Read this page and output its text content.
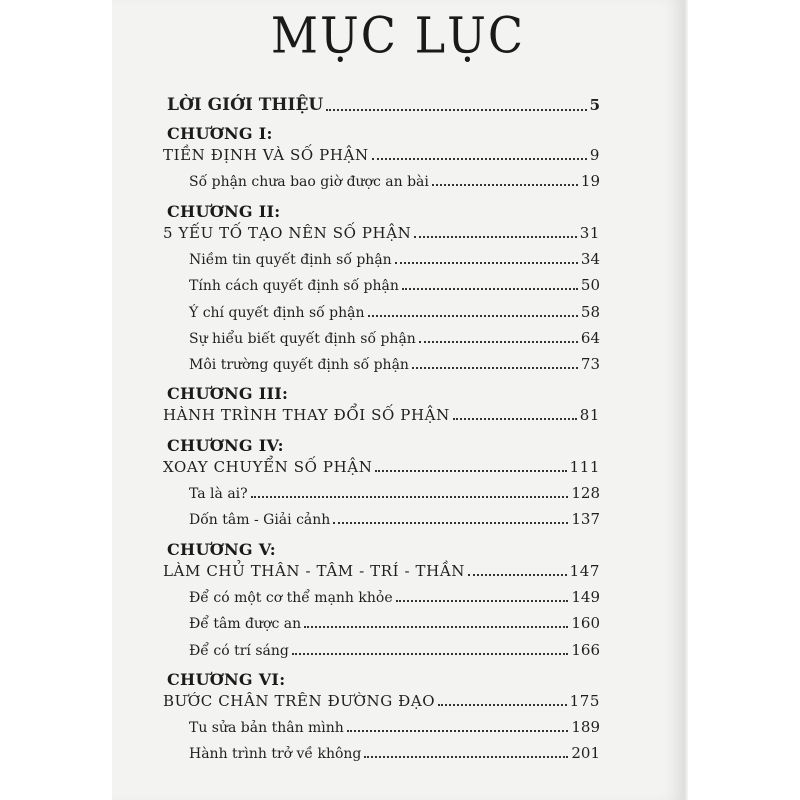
MỤC LỤC
LỜI GIỚI THIỆU	5
CHƯƠNG I:
TIỀN ĐỊNH VÀ SỐ PHẬN	9
Số phận chưa bao giờ được an bài	19
CHƯƠNG II:
5 YẾU TỐ TẠO NÊN SỐ PHẬN	31
Niềm tin quyết định số phận	34
Tính cách quyết định số phận	50
Ý chí quyết định số phận	58
Sự hiểu biết quyết định số phận	64
Môi trường quyết định số phận	73
CHƯƠNG III:
HÀNH TRÌNH THAY ĐỔI SỐ PHẬN	81
CHƯƠNG IV:
XOAY CHUYỂN SỐ PHẬN	111
Ta là ai?	128
Dốn tâm - Giải cảnh	137
CHƯƠNG V:
LÀM CHỦ THÂN - TÂM - TRÍ - THẦN	147
Để có một cơ thể mạnh khỏe	149
Để tâm được an	160
Để có trí sáng	166
CHƯƠNG VI:
BƯỚC CHÂN TRÊN ĐƯỜNG ĐẠO	175
Tu sửa bản thân mình	189
Hành trình trở về không	201
